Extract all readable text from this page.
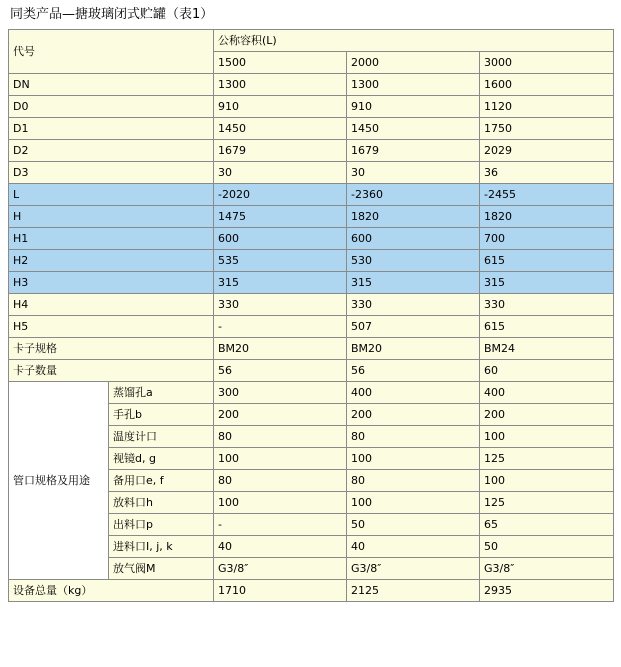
同类产品—搪玻璃闭式贮罐（表1）
代号		公称容积(L)		
		1500	2000	3000
DN		1300	1300	1600
D0		910	910	1120
D1		1450	1450	1750
D2		1679	1679	2029
D3		30	30	36
L		-2020	-2360	-2455
H		1475	1820	1820
H1		600	600	700
H2		535	530	615
H3		315	315	315
H4		330	330	330
H5		-	507	615
卡子规格		BM20	BM20	BM24
卡子数量		56	56	60
管口规格及用途	蒸馏孔a	300	400	400
	手孔b	200	200	200
	温度计口	80	80	100
	视镜d, g	100	100	125
	备用口e, f	80	80	100
	放料口h	100	100	125
	出料口p	-	50	65
	进料口I, j, k	40	40	50
	放气阀M	G3/8″	G3/8″	G3/8″
设备总量（kg）		1710	2125	2935
